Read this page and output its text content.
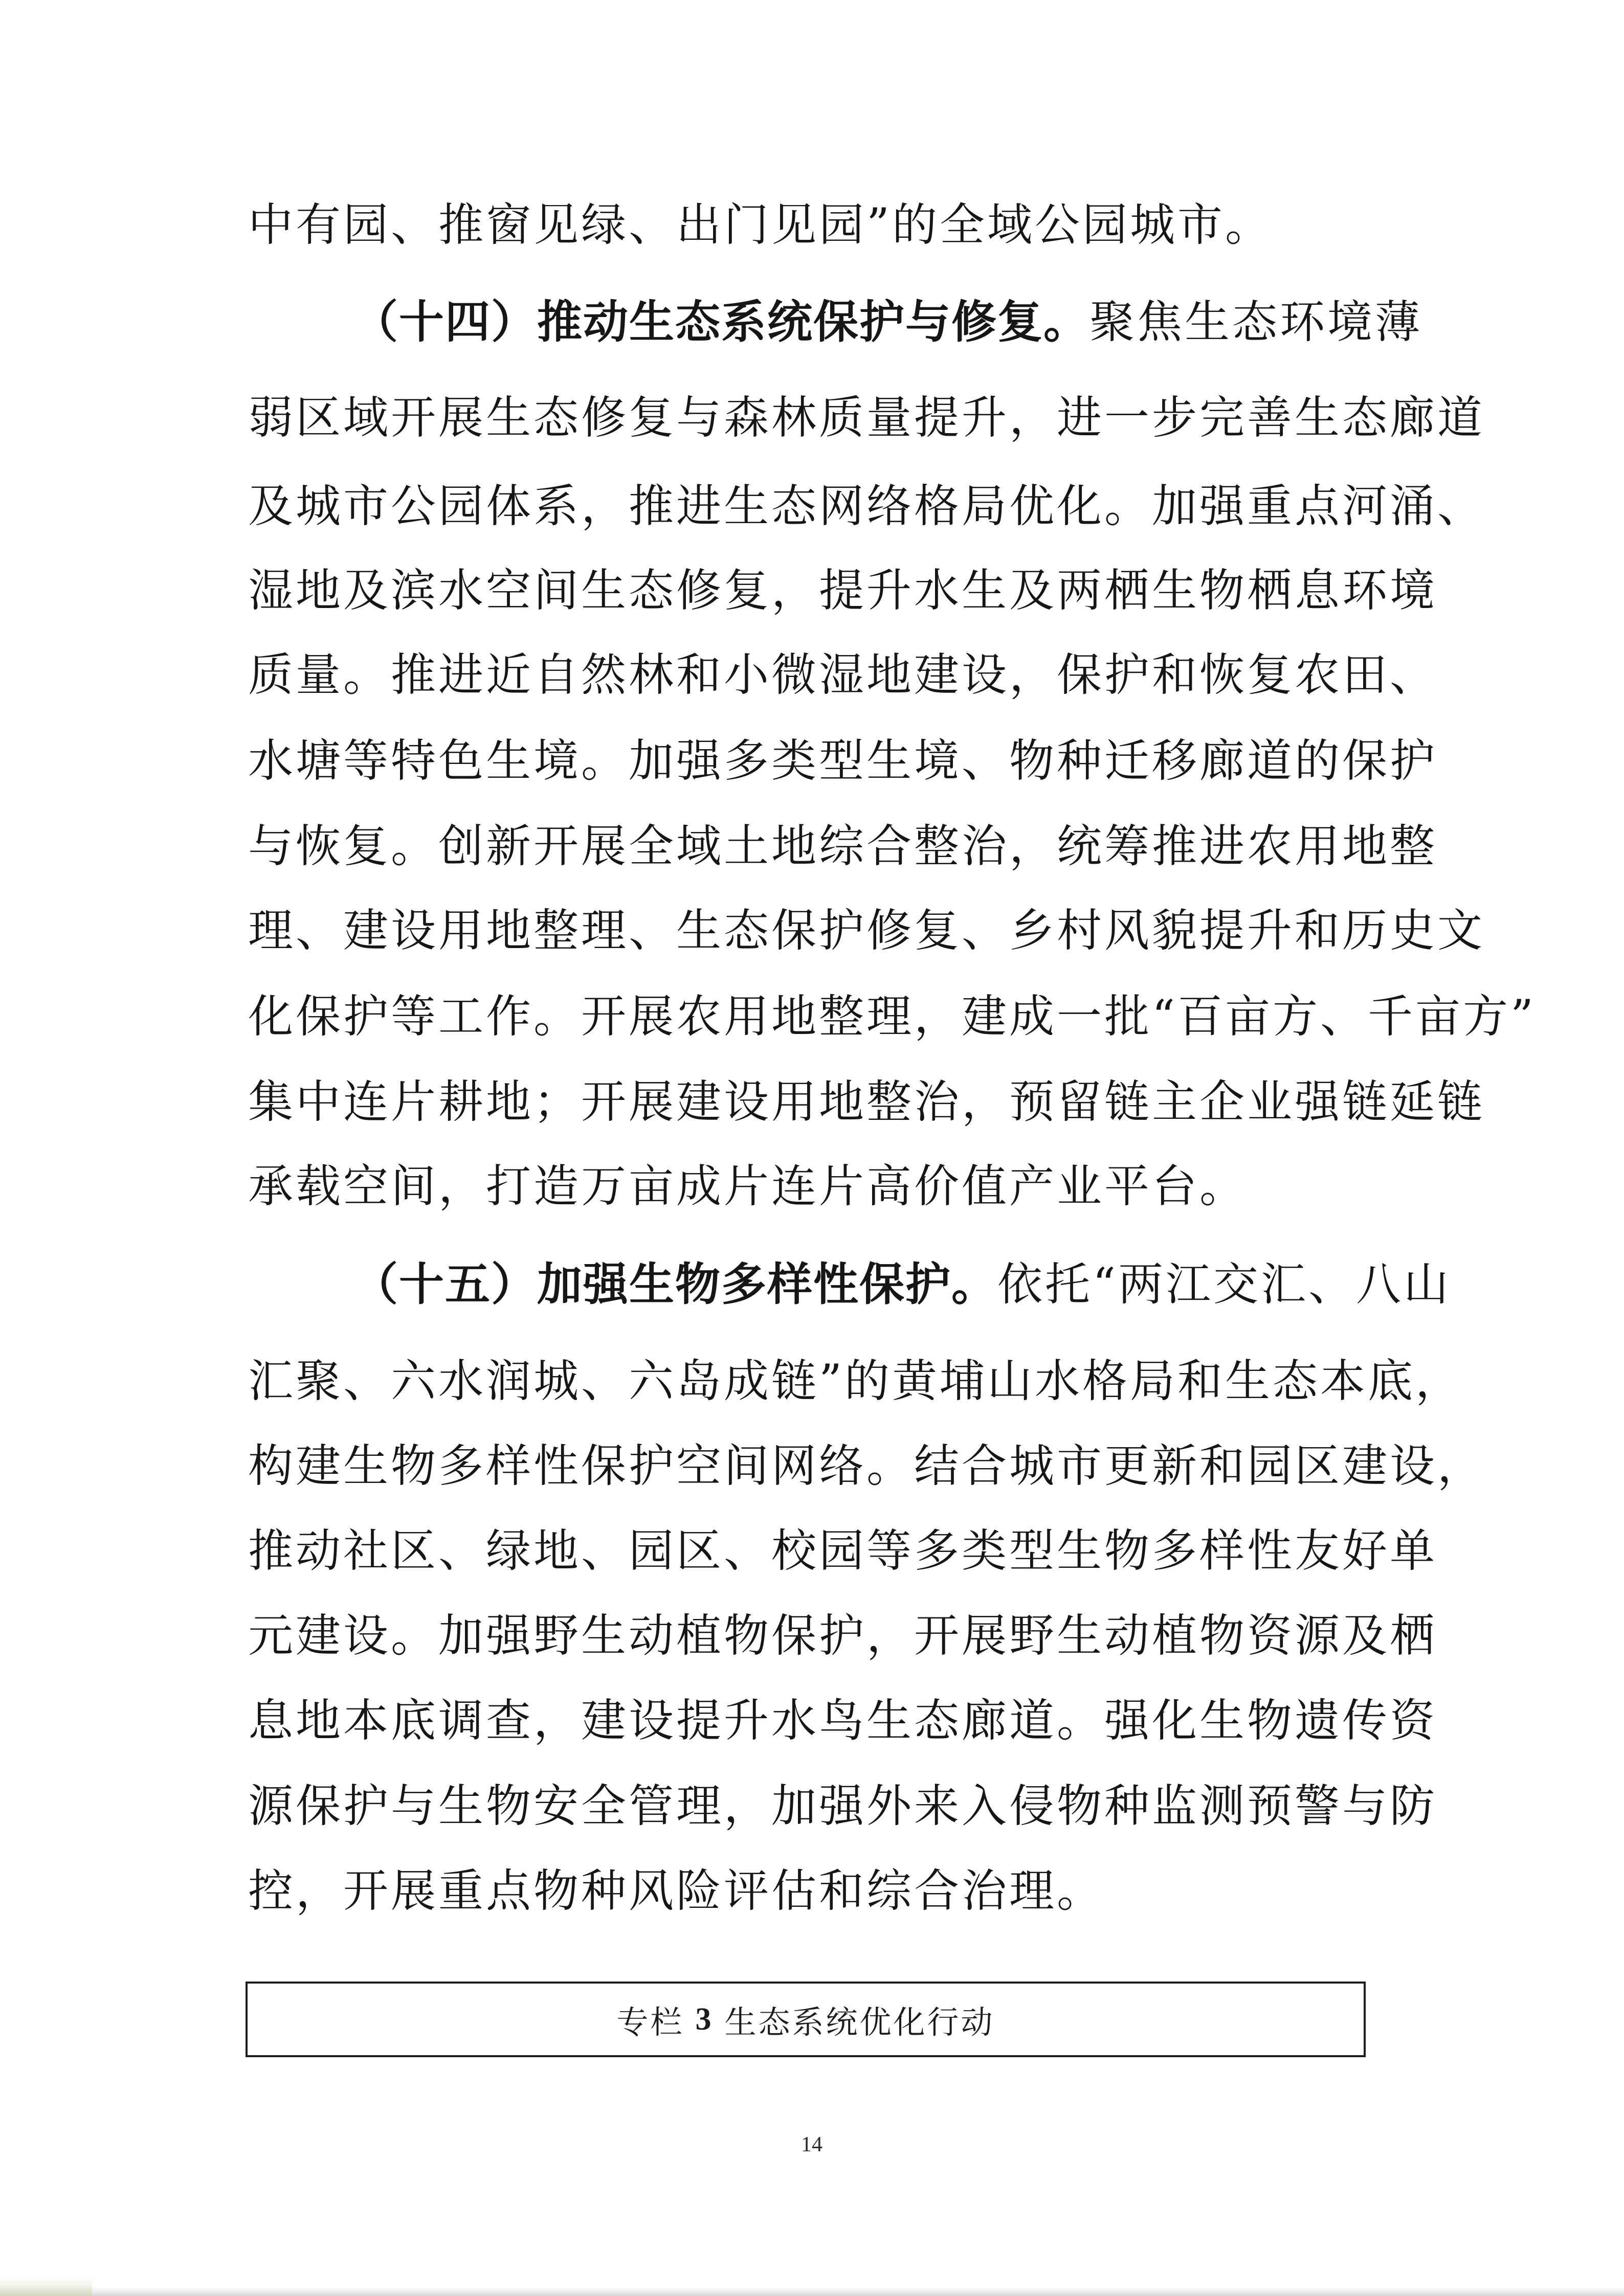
中有园、推窗见绿、出门见园”的全域公园城市。
（十四）推动生态系统保护与修复。聚焦生态环境薄
弱区域开展生态修复与森林质量提升，进一步完善生态廊道
及城市公园体系，推进生态网络格局优化。加强重点河涌、
湿地及滨水空间生态修复，提升水生及两栖生物栖息环境
质量。推进近自然林和小微湿地建设，保护和恢复农田、
水塘等特色生境。加强多类型生境、物种迁移廊道的保护
与恢复。创新开展全域土地综合整治，统筹推进农用地整
理、建设用地整理、生态保护修复、乡村风貌提升和历史文
化保护等工作。开展农用地整理，建成一批“百亩方、千亩方”
集中连片耕地；开展建设用地整治，预留链主企业强链延链
承载空间，打造万亩成片连片高价值产业平台。
（十五）加强生物多样性保护。依托“两江交汇、八山
汇聚、六水润城、六岛成链”的黄埔山水格局和生态本底，
构建生物多样性保护空间网络。结合城市更新和园区建设，
推动社区、绿地、园区、校园等多类型生物多样性友好单
元建设。加强野生动植物保护，开展野生动植物资源及栖
息地本底调查，建设提升水鸟生态廊道。强化生物遗传资
源保护与生物安全管理，加强外来入侵物种监测预警与防
控，开展重点物种风险评估和综合治理。
专栏 3 生态系统优化行动
14
